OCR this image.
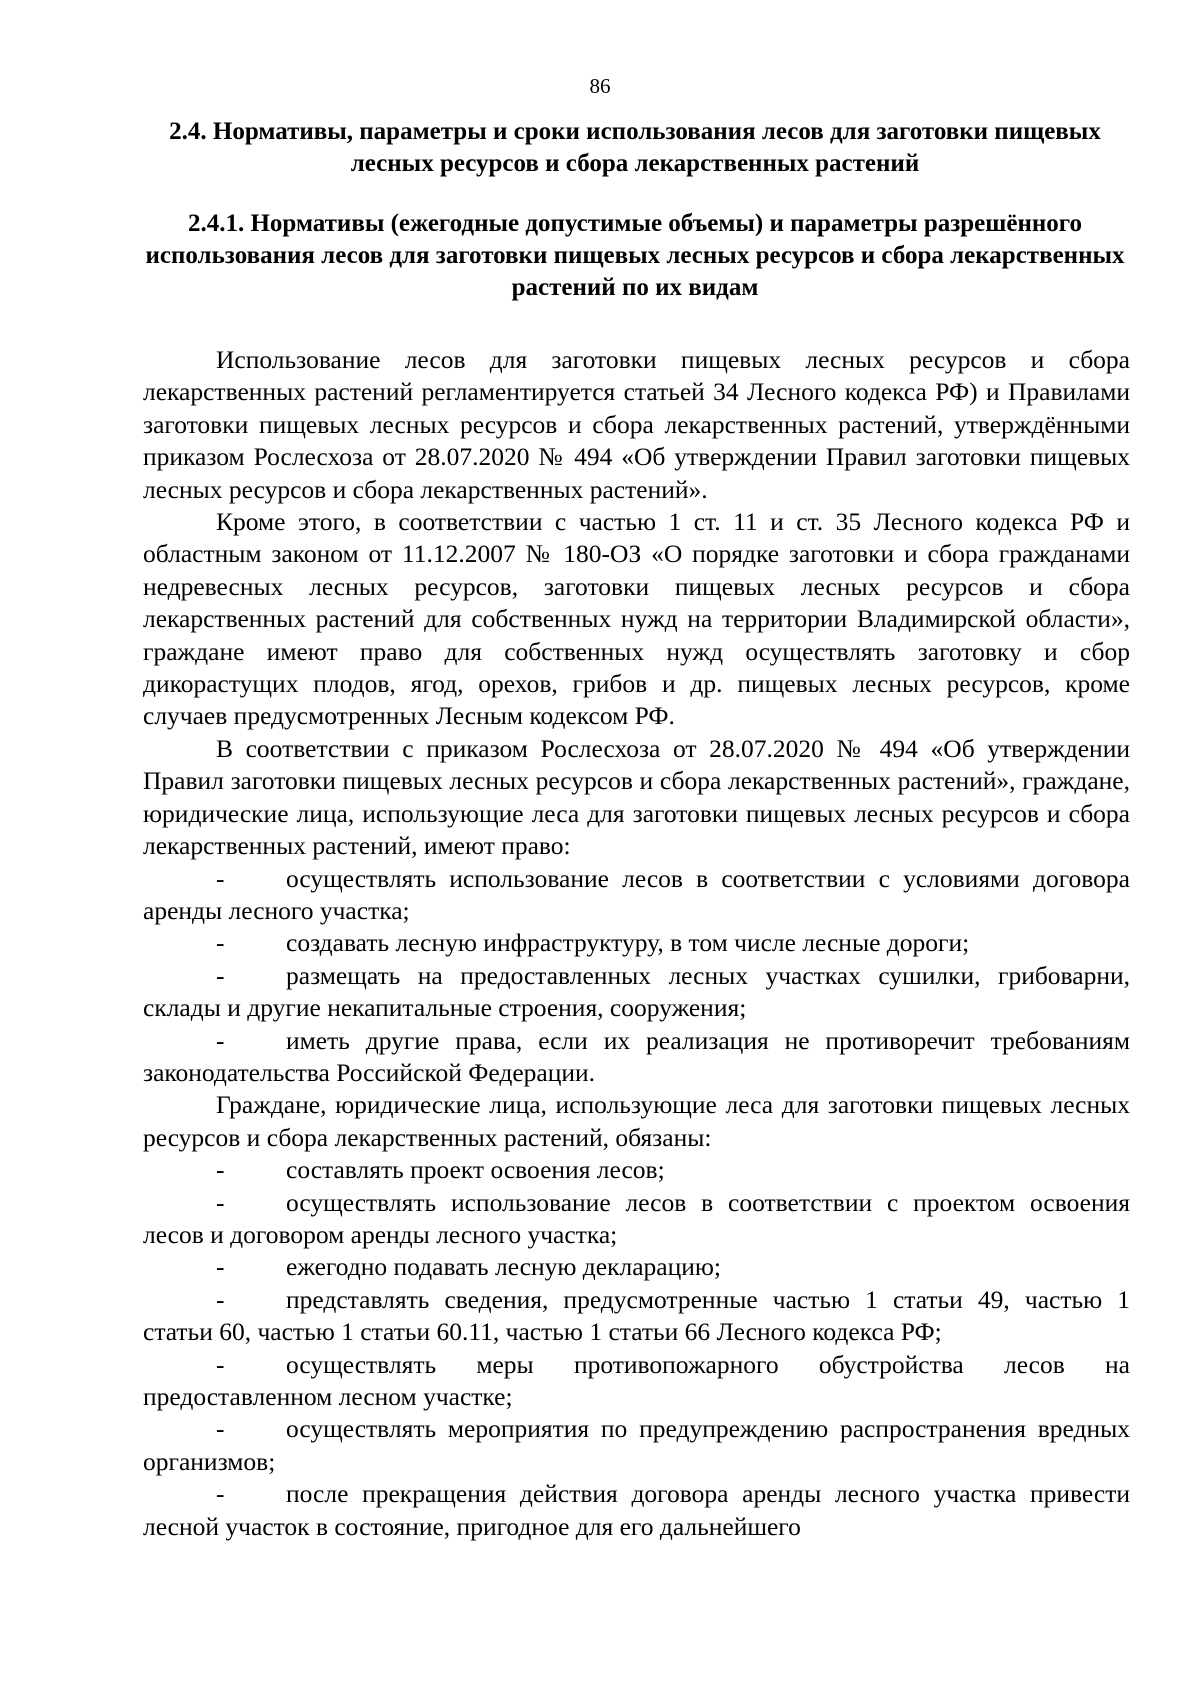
86
2.4. Нормативы, параметры и сроки использования лесов для заготовки пищевых лесных ресурсов и сбора лекарственных растений
2.4.1. Нормативы (ежегодные допустимые объемы) и параметры разрешённого использования лесов для заготовки пищевых лесных ресурсов и сбора лекарственных растений по их видам

Использование лесов для заготовки пищевых лесных ресурсов и сбора лекарственных растений регламентируется статьей 34 Лесного кодекса РФ) и Правилами заготовки пищевых лесных ресурсов и сбора лекарственных растений, утверждёнными приказом Рослесхоза от 28.07.2020 № 494 «Об утверждении Правил заготовки пищевых лесных ресурсов и сбора лекарственных растений».

Кроме этого, в соответствии с частью 1 ст. 11 и ст. 35 Лесного кодекса РФ и областным законом от 11.12.2007 № 180-ОЗ «О порядке заготовки и сбора гражданами недревесных лесных ресурсов, заготовки пищевых лесных ресурсов и сбора лекарственных растений для собственных нужд на территории Владимирской области», граждане имеют право для собственных нужд осуществлять заготовку и сбор дикорастущих плодов, ягод, орехов, грибов и др. пищевых лесных ресурсов, кроме случаев предусмотренных Лесным кодексом РФ.

В соответствии с приказом Рослесхоза от 28.07.2020 № 494 «Об утверждении Правил заготовки пищевых лесных ресурсов и сбора лекарственных растений», граждане, юридические лица, использующие леса для заготовки пищевых лесных ресурсов и сбора лекарственных растений, имеют право:

- осуществлять использование лесов в соответствии с условиями договора аренды лесного участка;

- создавать лесную инфраструктуру, в том числе лесные дороги;

- размещать на предоставленных лесных участках сушилки, грибоварни, склады и другие некапитальные строения, сооружения;

- иметь другие права, если их реализация не противоречит требованиям законодательства Российской Федерации.

Граждане, юридические лица, использующие леса для заготовки пищевых лесных ресурсов и сбора лекарственных растений, обязаны:

- составлять проект освоения лесов;

- осуществлять использование лесов в соответствии с проектом освоения лесов и договором аренды лесного участка;

- ежегодно подавать лесную декларацию;

- представлять сведения, предусмотренные частью 1 статьи 49, частью 1 статьи 60, частью 1 статьи 60.11, частью 1 статьи 66 Лесного кодекса РФ;

- осуществлять меры противопожарного обустройства лесов на предоставленном лесном участке;

- осуществлять мероприятия по предупреждению распространения вредных организмов;

- после прекращения действия договора аренды лесного участка привести лесной участок в состояние, пригодное для его дальнейшего
